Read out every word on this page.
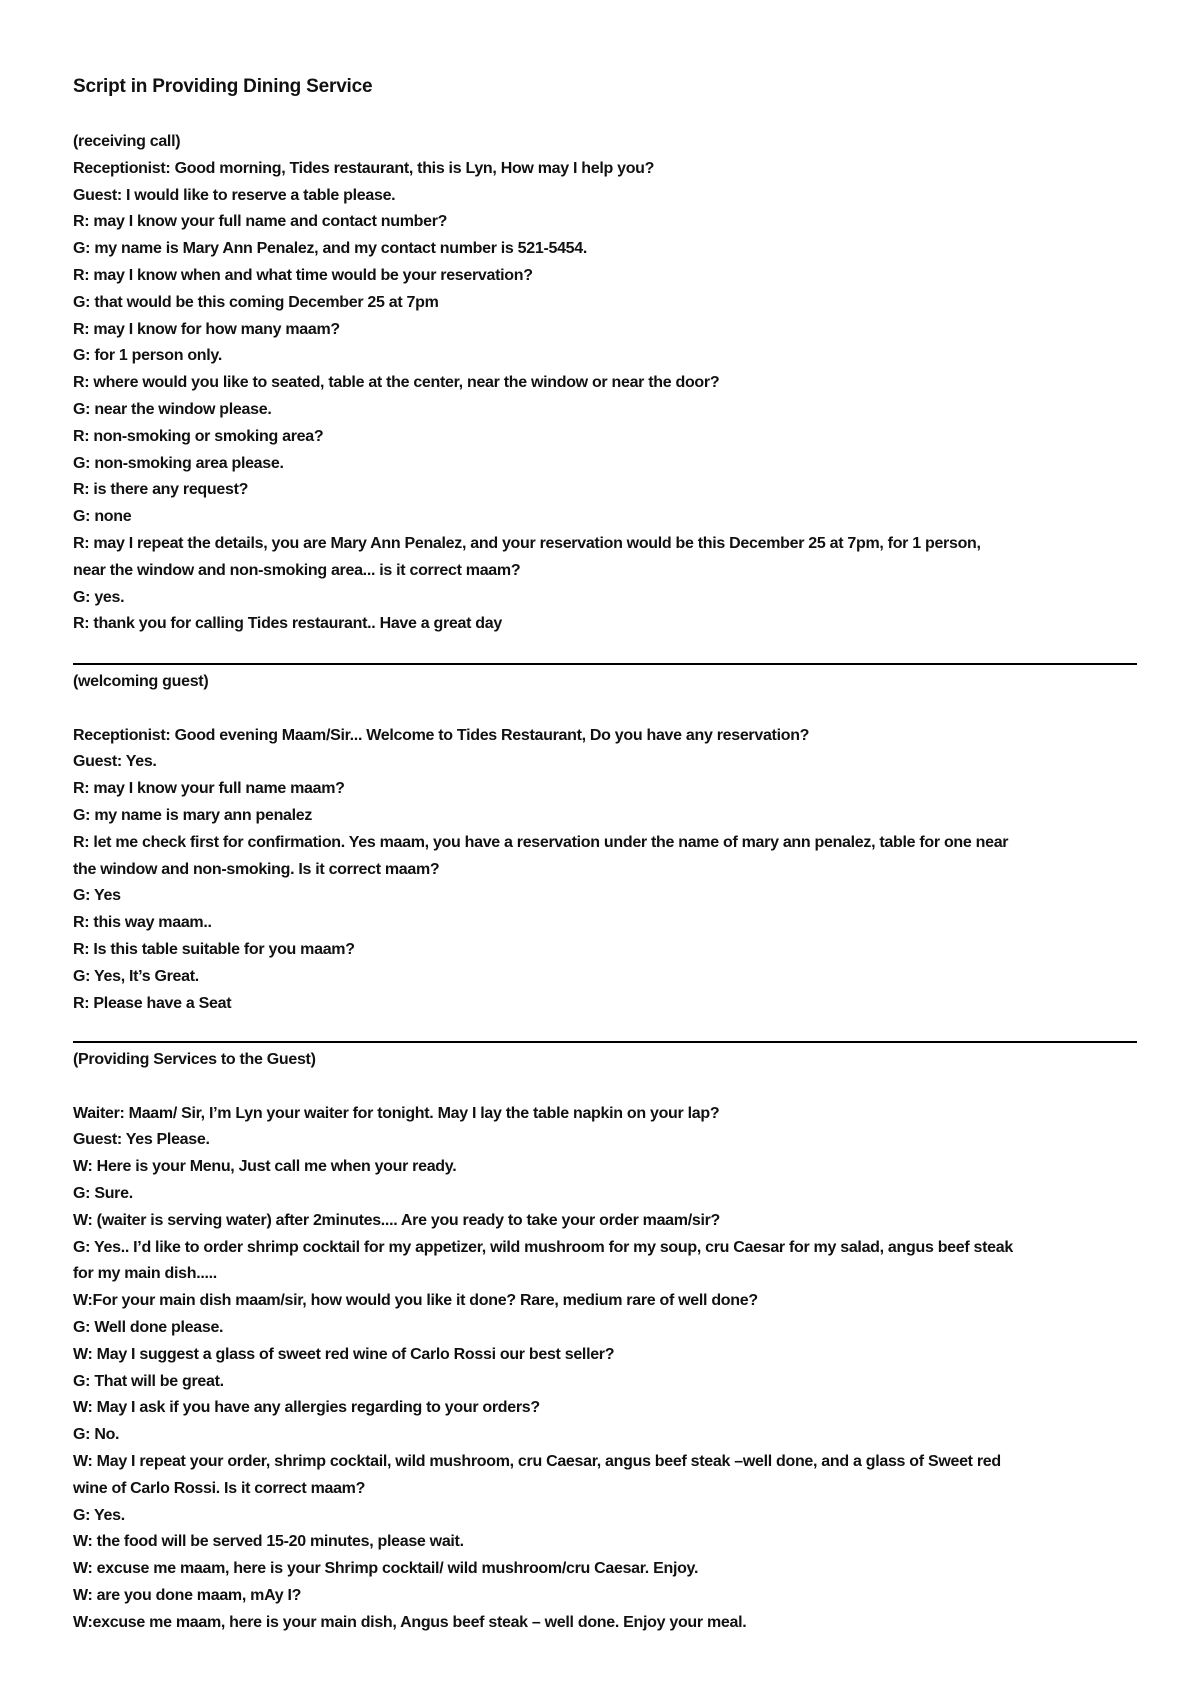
Script in Providing Dining Service
(receiving call)
Receptionist: Good morning, Tides restaurant, this is Lyn, How may I help you?
Guest: I would like to reserve a table please.
R: may I know your full name and contact number?
G: my name is Mary Ann Penalez, and my contact number is 521-5454.
R: may I know when and what time would be your reservation?
G: that would be this coming December 25 at 7pm
R: may I know for how many maam?
G: for 1 person only.
R: where would you like to seated, table at the center, near the window or near the door?
G: near the window please.
R: non-smoking or smoking area?
G: non-smoking area please.
R: is there any request?
G: none
R: may I repeat the details, you are Mary Ann Penalez, and your reservation would be this December 25 at 7pm, for 1 person,
near the window and non-smoking area... is it correct maam?
G: yes.
R: thank you for calling Tides restaurant.. Have a great day
(welcoming guest)
Receptionist: Good evening Maam/Sir... Welcome to Tides Restaurant, Do you have any reservation?
Guest: Yes.
R: may I know your full name maam?
G: my name is mary ann penalez
R: let me check first for confirmation. Yes maam, you have a reservation under the name of mary ann penalez, table for one near
the window and non-smoking. Is it correct maam?
G: Yes
R: this way maam..
R: Is this table suitable for you maam?
G: Yes, It’s Great.
R: Please have a Seat
(Providing Services to the Guest)
Waiter: Maam/ Sir, I’m Lyn your waiter for tonight. May I lay the table napkin on your lap?
Guest: Yes Please.
W: Here is your Menu, Just call me when your ready.
G: Sure.
W: (waiter is serving water) after 2minutes.... Are you ready to take your order maam/sir?
G: Yes.. I’d like to order shrimp cocktail for my appetizer, wild mushroom for my soup, cru Caesar for my salad, angus beef steak
for my main dish.....
W:For your main dish maam/sir, how would you like it done? Rare, medium rare of well done?
G: Well done please.
W: May I suggest a glass of sweet red wine of Carlo Rossi our best seller?
G: That will be great.
W: May I ask if you have any allergies regarding to your orders?
G: No.
W: May I repeat your order, shrimp cocktail, wild mushroom, cru Caesar, angus beef steak –well done, and a glass of Sweet red
wine of Carlo Rossi. Is it correct maam?
G: Yes.
W: the food will be served 15-20 minutes, please wait.
W: excuse me maam, here is your Shrimp cocktail/ wild mushroom/cru Caesar. Enjoy.
W: are you done maam, mAy I?
W:excuse me maam, here is your main dish, Angus beef steak – well done. Enjoy your meal.
